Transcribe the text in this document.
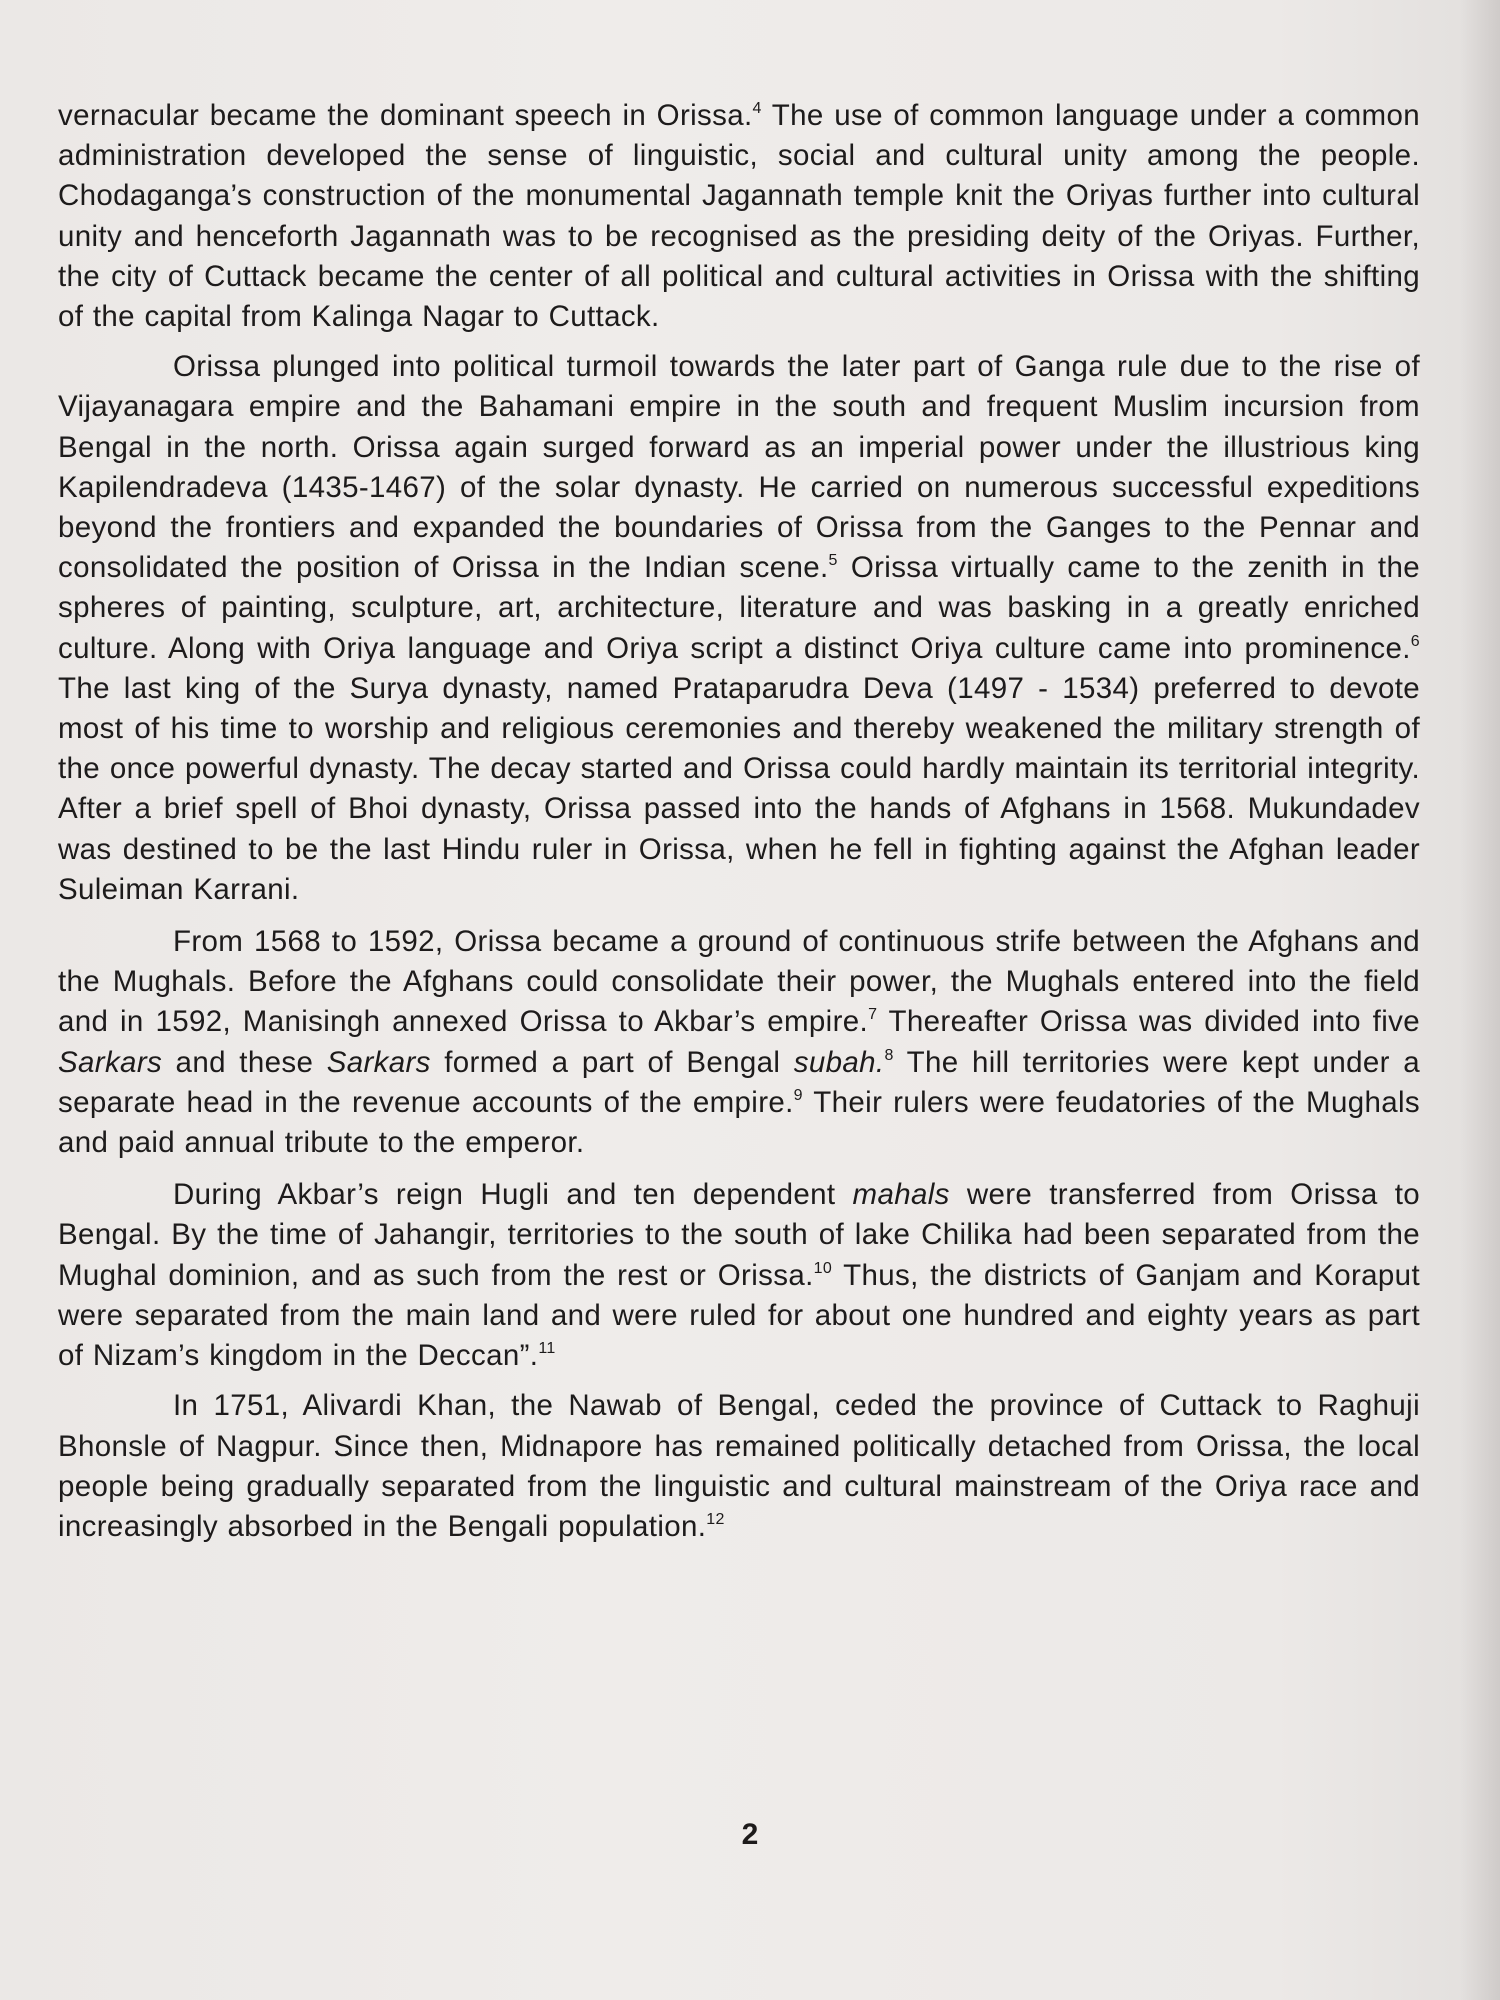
vernacular became the dominant speech in Orissa.$^4$ The use of common language under a common administration developed the sense of linguistic, social and cultural unity among the people. Chodaganga’s construction of the monumental Jagannath temple knit the Oriyas further into cultural unity and henceforth Jagannath was to be recognised as the presiding deity of the Oriyas. Further, the city of Cuttack became the center of all political and cultural activities in Orissa with the shifting of the capital from Kalinga Nagar to Cuttack.

Orissa plunged into political turmoil towards the later part of Ganga rule due to the rise of Vijayanagara empire and the Bahamani empire in the south and frequent Muslim incursion from Bengal in the north. Orissa again surged forward as an imperial power under the illustrious king Kapilendradeva (1435-1467) of the solar dynasty. He carried on numerous successful expeditions beyond the frontiers and expanded the boundaries of Orissa from the Ganges to the Pennar and consolidated the position of Orissa in the Indian scene.$^5$ Orissa virtually came to the zenith in the spheres of painting, sculpture, art, architecture, literature and was basking in a greatly enriched culture. Along with Oriya language and Oriya script a distinct Oriya culture came into prominence.$^6$ The last king of the Surya dynasty, named Prataparudra Deva (1497 - 1534) preferred to devote most of his time to worship and religious ceremonies and thereby weakened the military strength of the once powerful dynasty. The decay started and Orissa could hardly maintain its territorial integrity. After a brief spell of Bhoi dynasty, Orissa passed into the hands of Afghans in 1568. Mukundadev was destined to be the last Hindu ruler in Orissa, when he fell in fighting against the Afghan leader Suleiman Karrani.

From 1568 to 1592, Orissa became a ground of continuous strife between the Afghans and the Mughals. Before the Afghans could consolidate their power, the Mughals entered into the field and in 1592, Manisingh annexed Orissa to Akbar’s empire.$^7$ Thereafter Orissa was divided into five Sarkars and these Sarkars formed a part of Bengal subah.$^8$ The hill territories were kept under a separate head in the revenue accounts of the empire.$^9$ Their rulers were feudatories of the Mughals and paid annual tribute to the emperor.

During Akbar’s reign Hugli and ten dependent mahals were transferred from Orissa to Bengal. By the time of Jahangir, territories to the south of lake Chilika had been separated from the Mughal dominion, and as such from the rest or Orissa.$^{10}$ Thus, the districts of Ganjam and Koraput were separated from the main land and were ruled for about one hundred and eighty years as part of Nizam’s kingdom in the Deccan”.$^{11}$

In 1751, Alivardi Khan, the Nawab of Bengal, ceded the province of Cuttack to Raghuji Bhonsle of Nagpur. Since then, Midnapore has remained politically detached from Orissa, the local people being gradually separated from the linguistic and cultural mainstream of the Oriya race and increasingly absorbed in the Bengali population.$^{12}$

2
